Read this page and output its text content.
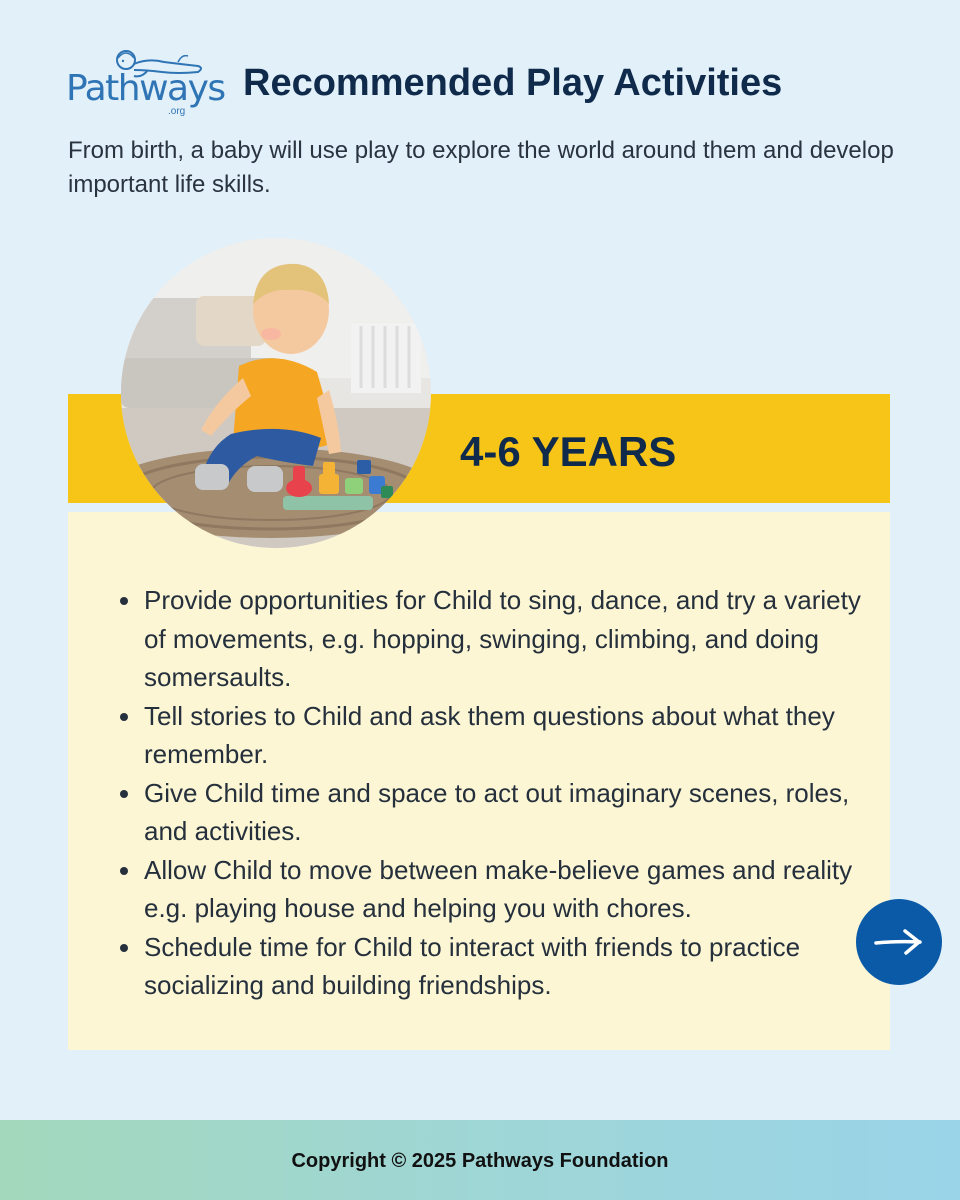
Pathways
.org
Recommended Play Activities

From birth, a baby will use play to explore the world around them and develop important life skills.

4-6 YEARS
Provide opportunities for Child to sing, dance, and try a variety of movements, e.g. hopping, swinging, climbing, and doing somersaults.
Tell stories to Child and ask them questions about what they remember.
Give Child time and space to act out imaginary scenes, roles, and activities.
Allow Child to move between make-believe games and reality e.g. playing house and helping you with chores.
Schedule time for Child to interact with friends to practice socializing and building friendships.
Copyright © 2025 Pathways Foundation
